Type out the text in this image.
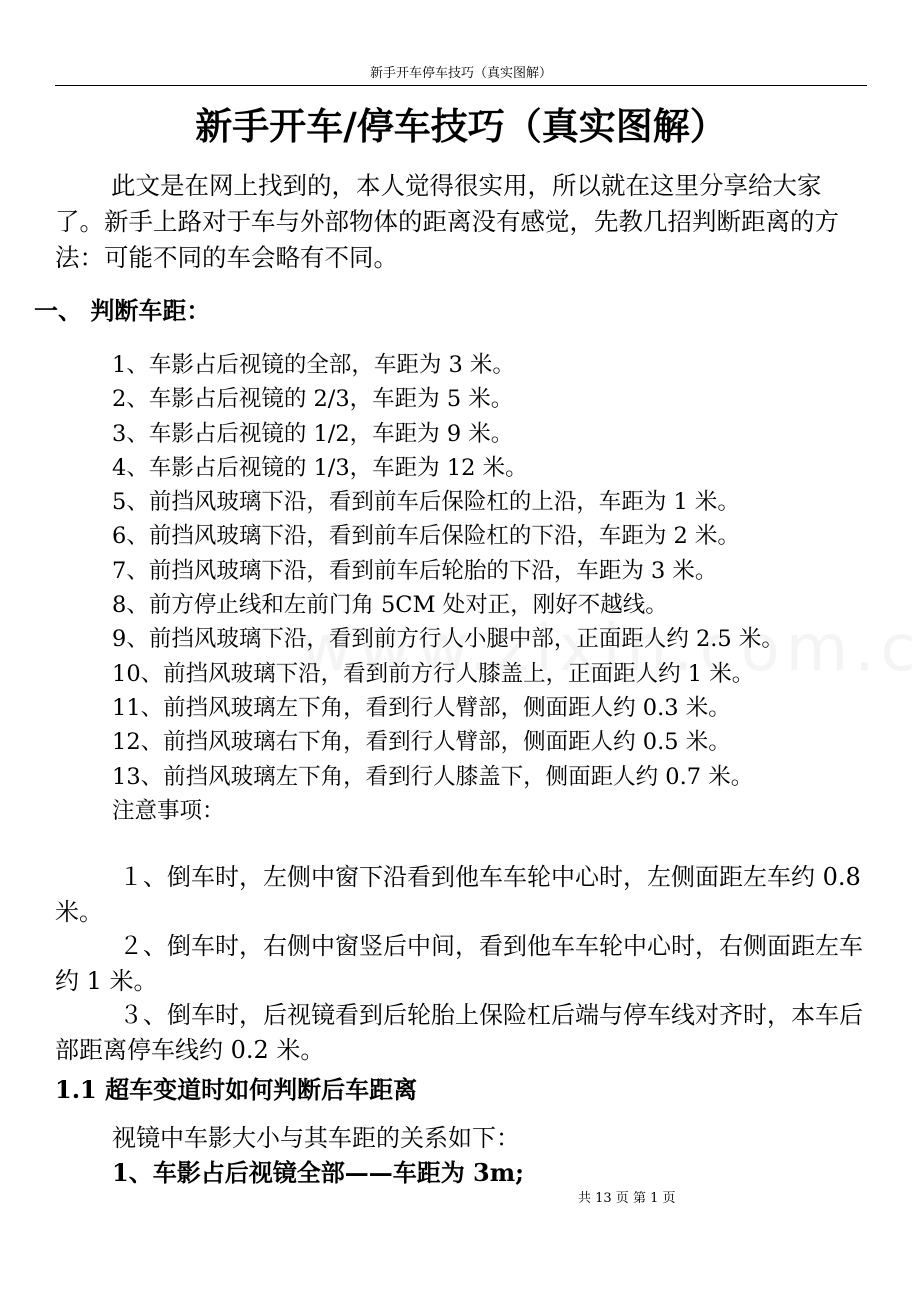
新手开车停车技巧（真实图解）
新手开车/停车技巧（真实图解）

此文是在网上找到的，本人觉得很实用，所以就在这里分享给大家了。新手上路对于车与外部物体的距离没有感觉，先教几招判断距离的方法：可能不同的车会略有不同。

一、 判断车距：

1、车影占后视镜的全部，车距为 3 米。

2、车影占后视镜的 2/3，车距为 5 米。

3、车影占后视镜的 1/2，车距为 9 米。

4、车影占后视镜的 1/3，车距为 12 米。

5、前挡风玻璃下沿，看到前车后保险杠的上沿，车距为 1 米。

6、前挡风玻璃下沿，看到前车后保险杠的下沿，车距为 2 米。

7、前挡风玻璃下沿，看到前车后轮胎的下沿，车距为 3 米。

8、前方停止线和左前门角 5CM 处对正，刚好不越线。

9、前挡风玻璃下沿，看到前方行人小腿中部，正面距人约 2.5 米。

10、前挡风玻璃下沿，看到前方行人膝盖上，正面距人约 1 米。

11、前挡风玻璃左下角，看到行人臂部，侧面距人约 0.3 米。

12、前挡风玻璃右下角，看到行人臂部，侧面距人约 0.5 米。

13、前挡风玻璃左下角，看到行人膝盖下，侧面距人约 0.7 米。

注意事项：

１、倒车时，左侧中窗下沿看到他车车轮中心时，左侧面距左车约 0.8 米。

２、倒车时，右侧中窗竖后中间，看到他车车轮中心时，右侧面距左车约 1 米。

３、倒车时，后视镜看到后轮胎上保险杠后端与停车线对齐时，本车后部距离停车线约 0.2 米。

1.1 超车变道时如何判断后车距离
视镜中车影大小与其车距的关系如下：
1、车影占后视镜全部——车距为 3m;
共 13 页 第 1 页
